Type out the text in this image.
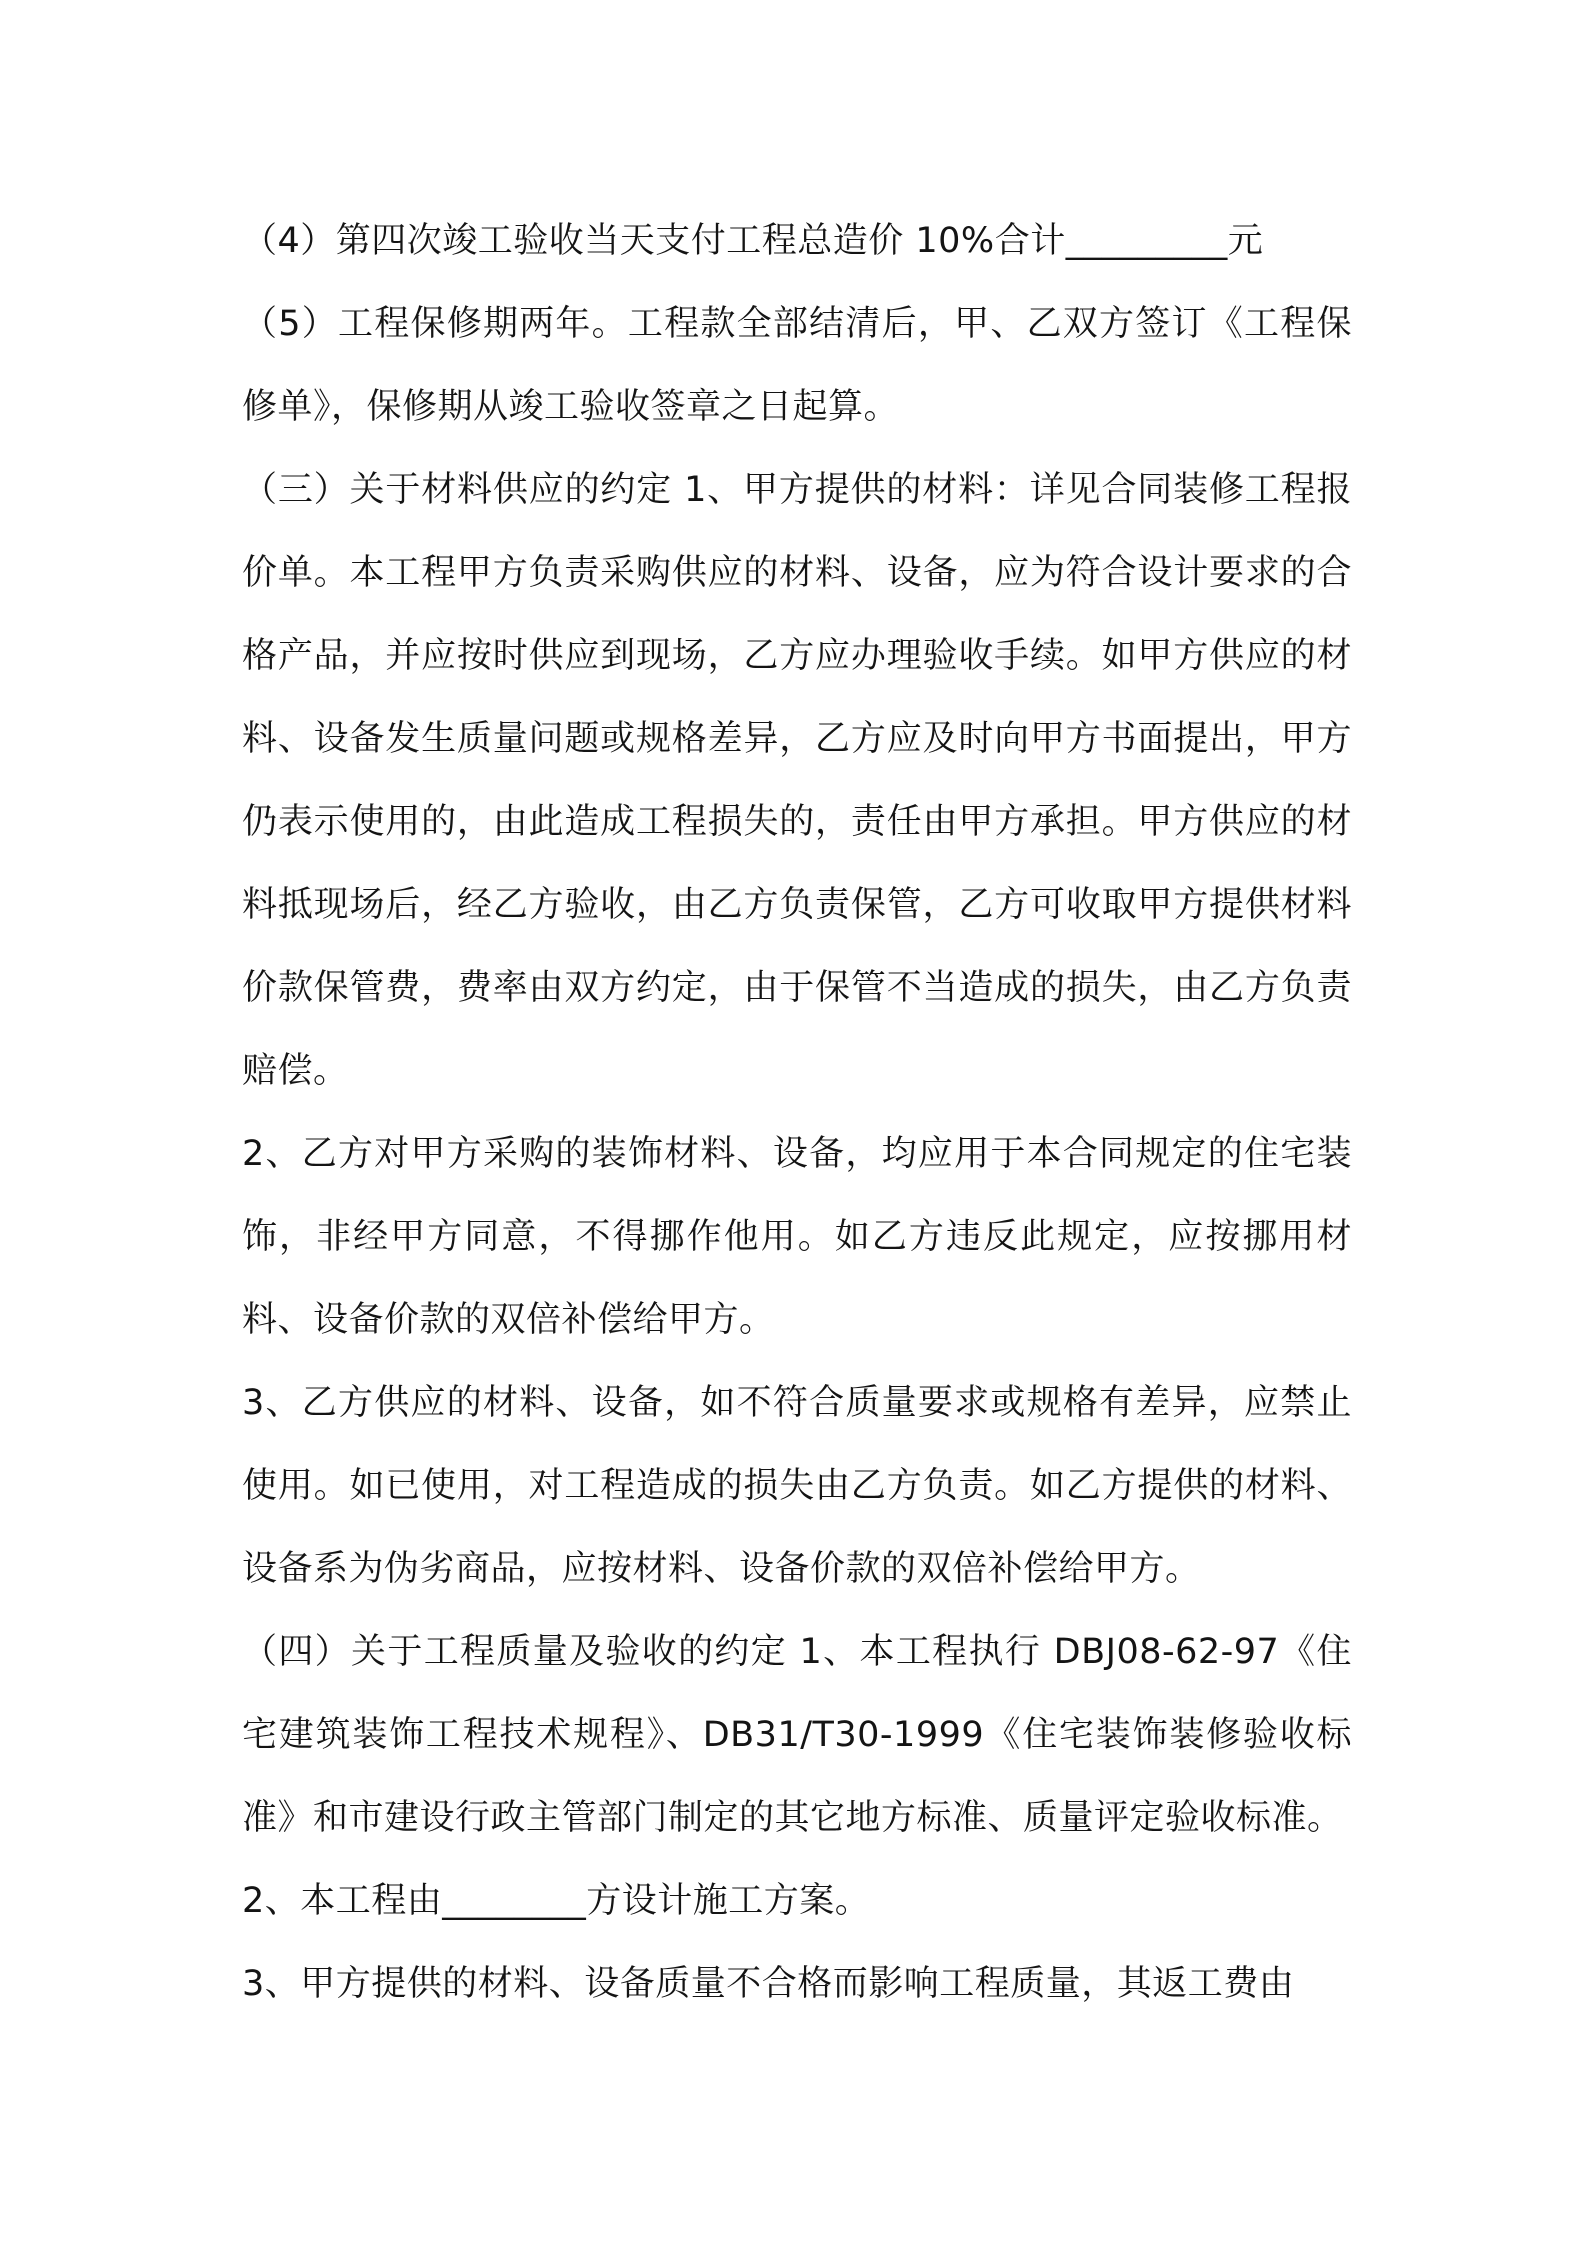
（4）第四次竣工验收当天支付工程总造价 10%合计_________元

（5）工程保修期两年。工程款全部结清后，甲、乙双方签订《工程保修单》，保修期从竣工验收签章之日起算。

（三）关于材料供应的约定 1、甲方提供的材料：详见合同装修工程报价单。本工程甲方负责采购供应的材料、设备，应为符合设计要求的合格产品，并应按时供应到现场，乙方应办理验收手续。如甲方供应的材料、设备发生质量问题或规格差异，乙方应及时向甲方书面提出，甲方仍表示使用的，由此造成工程损失的，责任由甲方承担。甲方供应的材料抵现场后，经乙方验收，由乙方负责保管，乙方可收取甲方提供材料价款保管费，费率由双方约定，由于保管不当造成的损失，由乙方负责赔偿。

2、乙方对甲方采购的装饰材料、设备，均应用于本合同规定的住宅装饰，非经甲方同意，不得挪作他用。如乙方违反此规定，应按挪用材料、设备价款的双倍补偿给甲方。

3、乙方供应的材料、设备，如不符合质量要求或规格有差异，应禁止使用。如已使用，对工程造成的损失由乙方负责。如乙方提供的材料、设备系为伪劣商品，应按材料、设备价款的双倍补偿给甲方。

（四）关于工程质量及验收的约定 1、本工程执行 DBJ08-62-97《住宅建筑装饰工程技术规程》、DB31/T30-1999《住宅装饰装修验收标准》和市建设行政主管部门制定的其它地方标准、质量评定验收标准。

2、本工程由________方设计施工方案。

3、甲方提供的材料、设备质量不合格而影响工程质量，其返工费由
